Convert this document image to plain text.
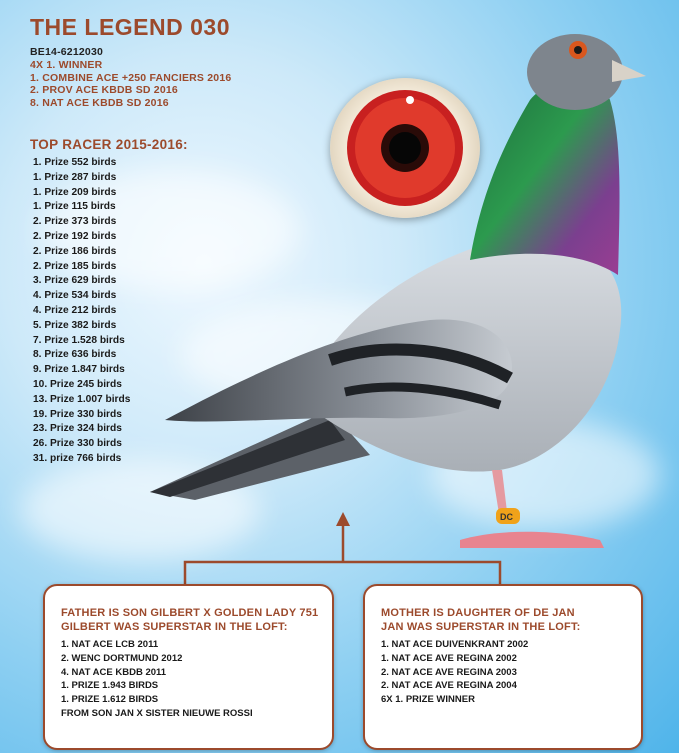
THE LEGEND 030
BE14-6212030
4X 1. WINNER
1. COMBINE ACE +250 FANCIERS 2016
2. PROV ACE KBDB SD 2016
8. NAT ACE KBDB SD 2016
TOP RACER 2015-2016:
1. Prize 552 birds
1. Prize 287 birds
1. Prize 209 birds
1. Prize 115 birds
2. Prize 373 birds
2. Prize 192 birds
2. Prize 186 birds
2. Prize 185 birds
3. Prize 629 birds
4. Prize 534 birds
4. Prize 212 birds
5. Prize 382 birds
7. Prize 1.528 birds
8. Prize 636 birds
9. Prize 1.847 birds
10. Prize 245 birds
13. Prize 1.007 birds
19. Prize 330 birds
23. Prize 324 birds
26. Prize 330 birds
31. prize 766 birds
DC
FATHER IS SON GILBERT X GOLDEN LADY 751
GILBERT WAS SUPERSTAR IN THE LOFT:
1. NAT ACE LCB 2011
2. WENC DORTMUND 2012
4. NAT ACE KBDB 2011
1. PRIZE 1.943 BIRDS
1. PRIZE 1.612 BIRDS
FROM SON JAN X SISTER NIEUWE ROSSI
MOTHER IS DAUGHTER OF DE JAN
JAN WAS SUPERSTAR IN THE LOFT:
1. NAT ACE DUIVENKRANT 2002
1. NAT ACE AVE REGINA 2002
2. NAT ACE AVE REGINA 2003
2. NAT ACE AVE REGINA 2004
6X 1. PRIZE WINNER
